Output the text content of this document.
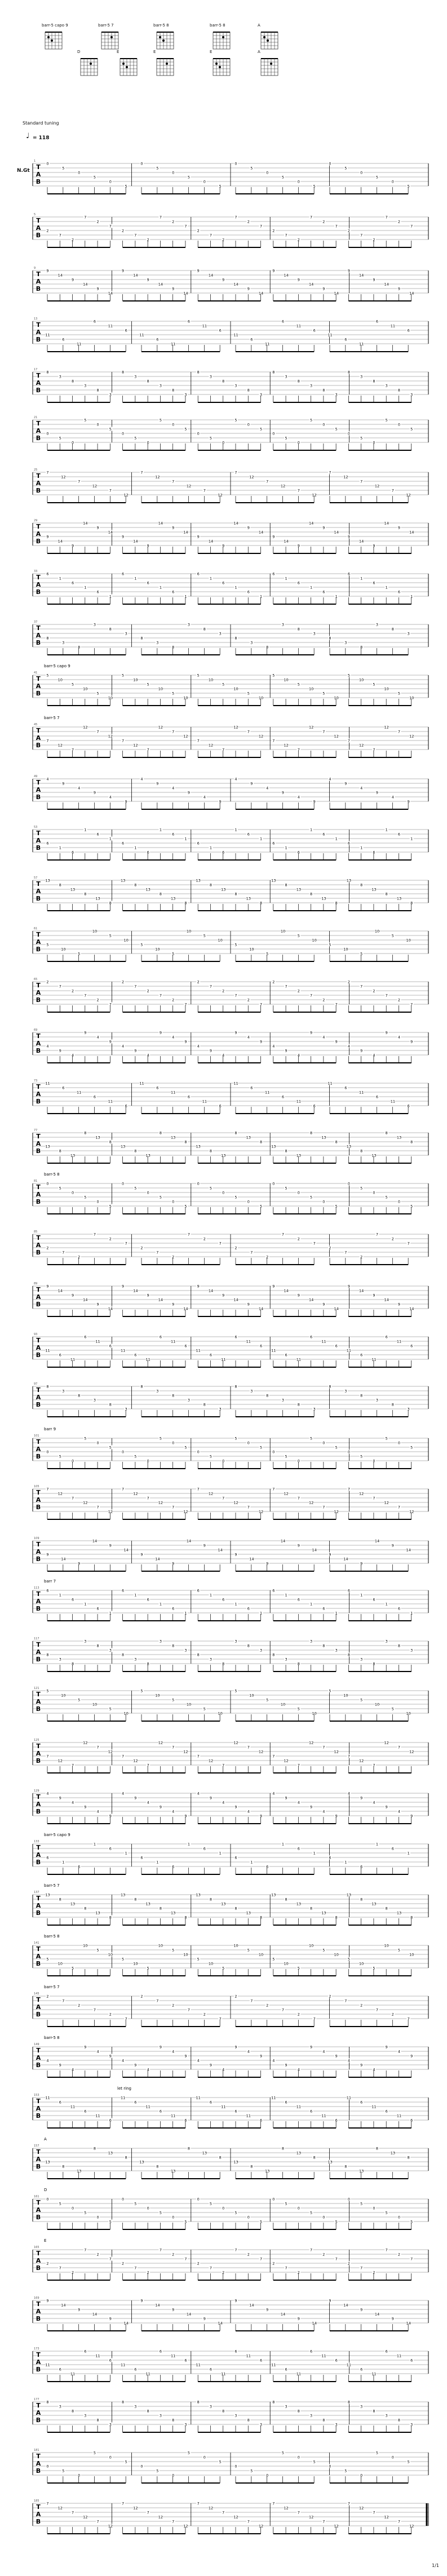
1/1
barr-5 capo 9	barr-5 7	barr-5 8	barr-5 8	A
D	E	E	E	A
Standard tuning
= 118
♩
N.Gt T
A
B
1
0
5
0
5
0
5
0
5
0
5
0
5
0
5
0
5
0
5
0
5
0
5
0
5
T
A
B
5
2
7
2
7
2
7
2
7
2
7
2
7
2
7
2
7
2
7
2
7
2
7
2
7
2
7
2
7
2
7
T
A
B
9
9
14
9
14
9
14
9
14
9
14
9
14
9
14
9
14
9
14
9
14
9
14
9
14
9
14
9
14
9
14
T
A
B
13
11
6
11
6
11
6
11
6
11
6
11
6
11
6
11
6
11
6
11
6
11
6
11
6
T
A
B
17
8
3
8
3
8
3
8
3
8
3
8
3
8
3
8
3
8
3
8
3
8
3
8
3
8
3
8
3
8
3
T
A
B
21
0
5
0
5
0
5
0
5
0
5
0
5
0
5
0
5
0
5
0
5
0
5
0
5
0
5
0
5
0
5
T
A
B
25
7
12
7
12
7
12
7
12
7
12
7
12
7
12
7
12
7
12
7
12
7
12
7
12
T
A
B
29
9
14
9
14
9
14
9
14
9
14
9
14
9
14
9
14
9
14
9
14
9
14
9
14
9
14
9
14
9
14
T
A
B
33
6
1
6
1
6
1
6
1
6
1
6
1
6
1
6
1
6
1
6
1
6
1
6
1
6
1
6
1
6
1
T
A
B
37
8
3
8
3
8
3
8
3
8
3
8
3
8
3
8
3
8
3
8
3
8
3
8
3
T
A
B
41
5
10
5
10
5
10
5
10
5
10
5
10
5
10
5
10
5
10
5
10
5
10
5
10
5
10
5
10
5
10
barr-5 capo 9
T
A
B
45
7
12
7
12
7
12
7
12
7
12
7
12
7
12
7
12
7
12
7
12
7
12
7
12
7
12
7
12
7
12
barr-5 7
T
A
B
49
4
9
4
9
4
9
4
9
4
9
4
9
4
9
4
9
4
9
4
9
4
9
4
9
T
A
B
53
6
1
6
1
6
1
6
1
6
1
6
1
6
1
6
1
6
1
6
1
6
1
6
1
6
1
6
1
6
1
T
A
B
57
13
8
13
8
13
8
13
8
13
8
13
8
13
8
13
8
13
8
13
8
13
8
13
8
13
8
13
8
13
8
T
A
B
61
5
10
5
10
5
10
5
10
5
10
5
10
5
10
5
10
5
10
5
10
5
10
5
10
T
A
B
65
2
7
2
7
2
7
2
7
2
7
2
7
2
7
2
7
2
7
2
7
2
7
2
7
2
7
2
7
2
7
T
A
B
69
4
9
4
9
4
9
4
9
4
9
4
9
4
9
4
9
4
9
4
9
4
9
4
9
4
9
4
9
4
9
T
A
B
73
11
6
11
6
11
6
11
6
11
6
11
6
11
6
11
6
11
6
11
6
11
6
11
6
T
A
B
77
13
8
13
8
13
8
13
8
13
8
13
8
13
8
13
8
13
8
13
8
13
8
13
8
13
8
13
8
13
8
T
A
B
81
0
5
0
5
0
5
0
5
0
5
0
5
0
5
0
5
0
5
0
5
0
5
0
5
0
5
0
5
0
5
barr-5 8
T
A
B
85
2
7
2
7
2
7
2
7
2
7
2
7
2
7
2
7
2
7
2
7
2
7
2
7
T
A
B
89
9
14
9
14
9
14
9
14
9
14
9
14
9
14
9
14
9
14
9
14
9
14
9
14
9
14
9
14
9
14
T
A
B
93
11
6
11
6
11
6
11
6
11
6
11
6
11
6
11
6
11
6
11
6
11
6
11
6
11
6
11
6
11
6
T
A
B
97
8
3
8
3
8
3
8
3
8
3
8
3
8
3
8
3
8
3
8
3
8
3
8
3
T
A
B
101
0
5
0
5
0
5
0
5
0
5
0
5
0
5
0
5
0
5
0
5
0
5
0
5
0
5
0
5
0
5
barr 9
T
A
B
105
7
12
7
12
7
12
7
12
7
12
7
12
7
12
7
12
7
12
7
12
7
12
7
12
7
12
7
12
7
12
T
A
B
109
9
14
9
14
9
14
9
14
9
14
9
14
9
14
9
14
9
14
9
14
9
14
9
14
T
A
B
113
6
1
6
1
6
1
6
1
6
1
6
1
6
1
6
1
6
1
6
1
6
1
6
1
6
1
6
1
6
1
barr 7
T
A
B
117
8
3
8
3
8
3
8
3
8
3
8
3
8
3
8
3
8
3
8
3
8
3
8
3
8
3
8
3
8
3
T
A
B
121
5
10
5
10
5
10
5
10
5
10
5
10
5
10
5
10
5
10
5
10
5
10
5
10
T
A
B
125
7
12
7
12
7
12
7
12
7
12
7
12
7
12
7
12
7
12
7
12
7
12
7
12
7
12
7
12
7
12
T
A
B
129
4
9
4
9
4
9
4
9
4
9
4
9
4
9
4
9
4
9
4
9
4
9
4
9
4
9
4
9
4
9
T
A
B
133
6
1
6
1
6
1
6
1
6
1
6
1
6
1
6
1
6
1
6
1
6
1
6
1
barr-5 capo 9
T
A
B
137
13
8
13
8
13
8
13
8
13
8
13
8
13
8
13
8
13
8
13
8
13
8
13
8
13
8
13
8
13
8
barr-5 7
T
A
B
141
5
10
5
10
5
10
5
10
5
10
5
10
5
10
5
10
5
10
5
10
5
10
5
10
5
10
5
10
5
10
barr-5 8
T
A
B
145
2
7
2
7
2
7
2
7
2
7
2
7
2
7
2
7
2
7
2
7
2
7
2
7
barr-5 7
T
A
B
149
4
9
4
9
4
9
4
9
4
9
4
9
4
9
4
9
4
9
4
9
4
9
4
9
4
9
4
9
4
9
barr-5 8
T
A
B
153
11
6
11
6
11
6
11
6
11
6
11
6
11
6
11
6
11
6
11
6
11
6
11
6
11
6
11
6
11
6
let ring
T
A
B
157
13
8
13
8
13
8
13
8
13
8
13
8
13
8
13
8
13
8
13
8
13
8
13
8
A
T
A
B
161
0
5
0
5
0
5
0
5
0
5
0
5
0
5
0
5
0
5
0
5
0
5
0
5
0
5
0
5
0
5
D
T
A
B
165
2
7
2
7
2
7
2
7
2
7
2
7
2
7
2
7
2
7
2
7
2
7
2
7
2
7
2
7
2
7
E
T
A
B
169
9
14
9
14
9
14
9
14
9
14
9
14
9
14
9
14
9
14
9
14
9
14
9
14
T
A
B
173
11
6
11
6
11
6
11
6
11
6
11
6
11
6
11
6
11
6
11
6
11
6
11
6
11
6
11
6
11
6
T
A
B
177
8
3
8
3
8
3
8
3
8
3
8
3
8
3
8
3
8
3
8
3
8
3
8
3
8
3
8
3
8
3
T
A
B
181
0
5
0
5
0
5
0
5
0
5
0
5
0
5
0
5
0
5
0
5
0
5
0
5
T
A
B
185
7
12
7
12
7
12
7
12
7
12
7
12
7
12
7
12
7
12
7
12
7
12
7
12
7
12
7
12
7
12
